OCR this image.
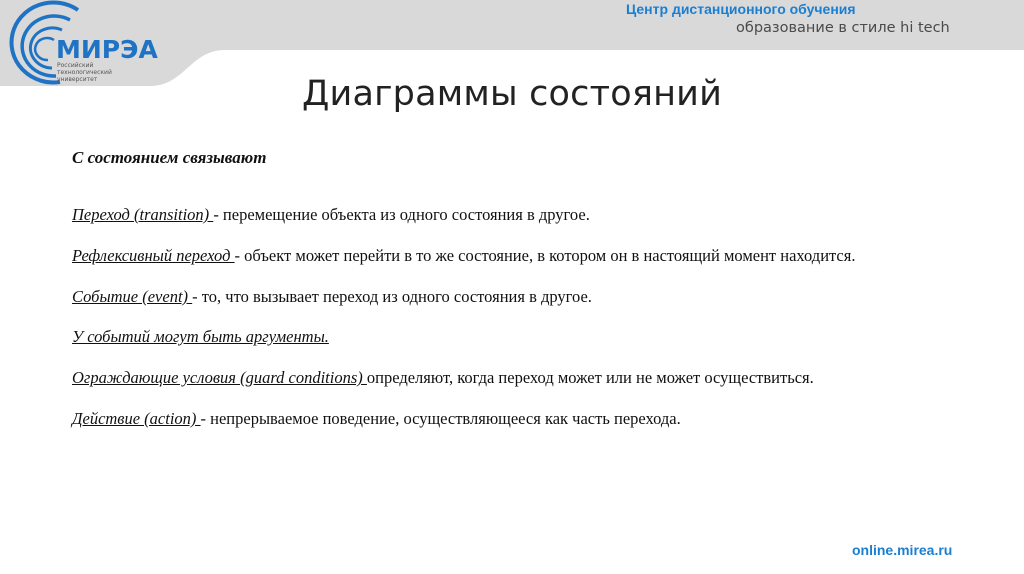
МИРЭА
Российский
технологический
университет
Центр дистанционного обучения
образование в стиле hi tech
Диаграммы состояний
С состоянием связывают
Переход (transition) - перемещение объекта из одного состояния в другое.
Рефлексивный переход - объект может перейти в то же состояние, в котором он в настоящий момент находится.
Событие (event) - то, что вызывает переход из одного состояния в другое.
У событий могут быть аргументы.
Ограждающие условия (guard conditions) определяют, когда переход может или не может осуществиться.
Действие (action) - непрерываемое поведение, осуществляющееся как часть перехода.
online.mirea.ru
